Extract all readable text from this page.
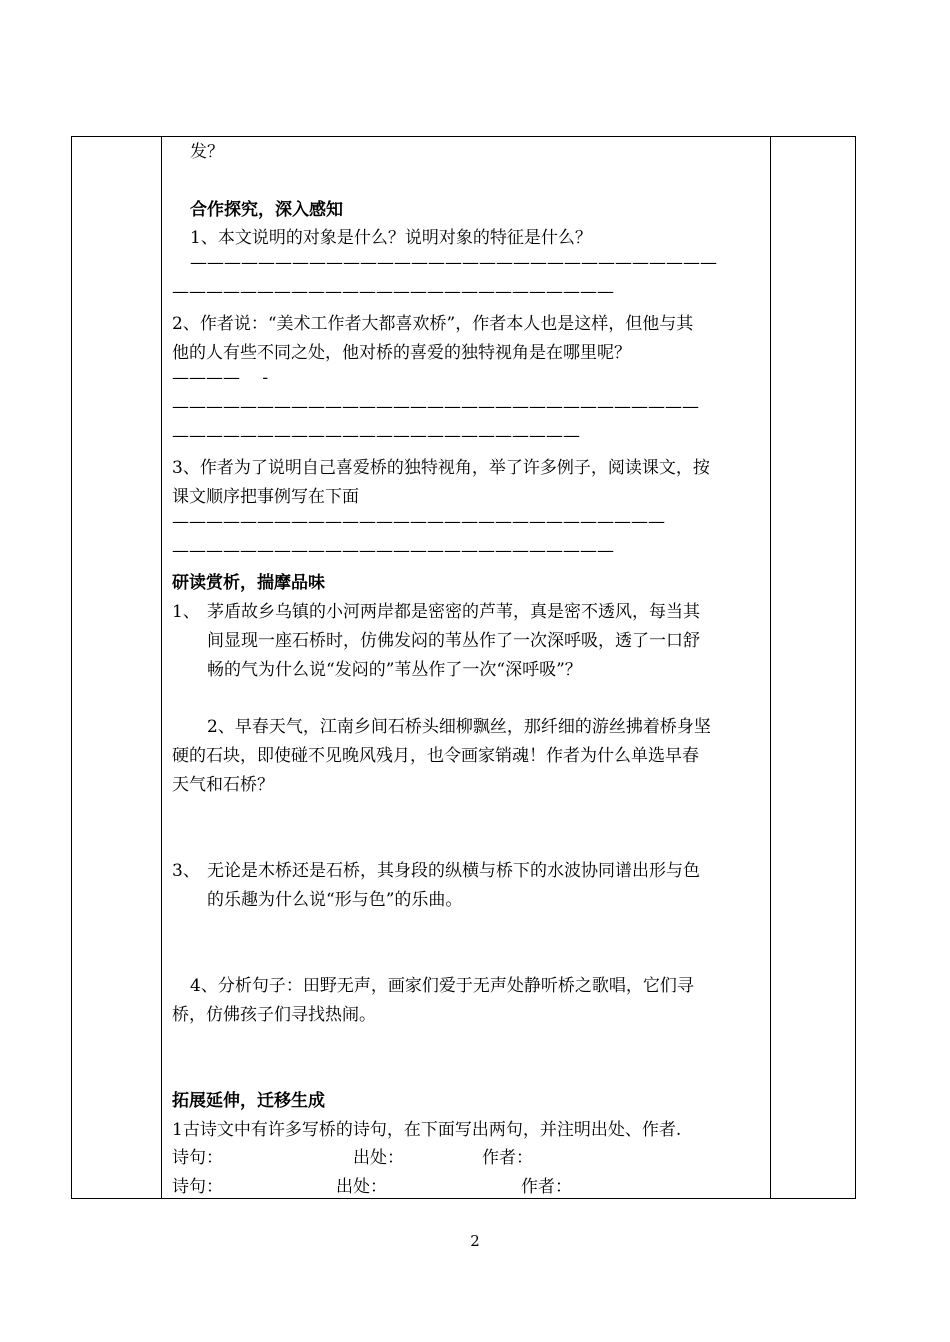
发？
合作探究，深入感知
1、本文说明的对象是什么？说明对象的特征是什么？
———————————————————————————————
——————————————————————————
2、作者说：“美术工作者大都喜欢桥”，作者本人也是这样，但他与其
他的人有些不同之处，他对桥的喜爱的独特视角是在哪里呢？
————　 -
———————————————————————————————
————————————————————————
3、作者为了说明自己喜爱桥的独特视角，举了许多例子，阅读课文，按
课文顺序把事例写在下面
—————————————————————————————
——————————————————————————
研读赏析，揣摩品味
1、 茅盾故乡乌镇的小河两岸都是密密的芦苇，真是密不透风，每当其
间显现一座石桥时，仿佛发闷的苇丛作了一次深呼吸，透了一口舒
畅的气为什么说“发闷的”苇丛作了一次“深呼吸”？
2、早春天气，江南乡间石桥头细柳飘丝，那纤细的游丝拂着桥身坚
硬的石块，即使碰不见晚风残月，也令画家销魂！作者为什么单选早春
天气和石桥？
3、 无论是木桥还是石桥，其身段的纵横与桥下的水波协同谱出形与色
的乐趣为什么说“形与色”的乐曲。
4、分析句子：田野无声，画家们爱于无声处静听桥之歌唱，它们寻
桥，仿佛孩子们寻找热闹。
拓展延伸，迁移生成
1古诗文中有许多写桥的诗句，在下面写出两句，并注明出处、作者.
诗句：	出处：	作者：
诗句：	出处：	作者：
2
